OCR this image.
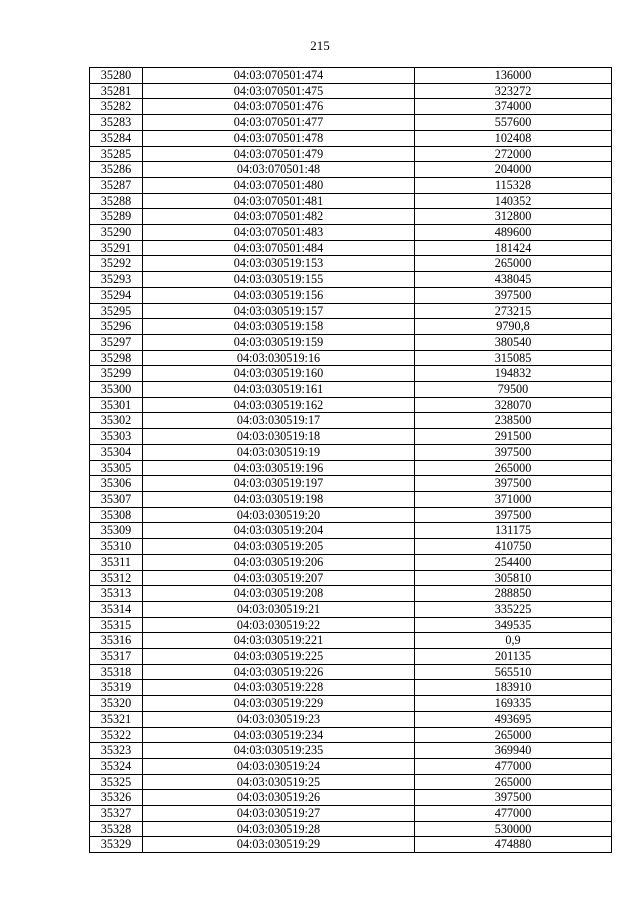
215
35280	04:03:070501:474	136000
35281	04:03:070501:475	323272
35282	04:03:070501:476	374000
35283	04:03:070501:477	557600
35284	04:03:070501:478	102408
35285	04:03:070501:479	272000
35286	04:03:070501:48	204000
35287	04:03:070501:480	115328
35288	04:03:070501:481	140352
35289	04:03:070501:482	312800
35290	04:03:070501:483	489600
35291	04:03:070501:484	181424
35292	04:03:030519:153	265000
35293	04:03:030519:155	438045
35294	04:03:030519:156	397500
35295	04:03:030519:157	273215
35296	04:03:030519:158	9790,8
35297	04:03:030519:159	380540
35298	04:03:030519:16	315085
35299	04:03:030519:160	194832
35300	04:03:030519:161	79500
35301	04:03:030519:162	328070
35302	04:03:030519:17	238500
35303	04:03:030519:18	291500
35304	04:03:030519:19	397500
35305	04:03:030519:196	265000
35306	04:03:030519:197	397500
35307	04:03:030519:198	371000
35308	04:03:030519:20	397500
35309	04:03:030519:204	131175
35310	04:03:030519:205	410750
35311	04:03:030519:206	254400
35312	04:03:030519:207	305810
35313	04:03:030519:208	288850
35314	04:03:030519:21	335225
35315	04:03:030519:22	349535
35316	04:03:030519:221	0,9
35317	04:03:030519:225	201135
35318	04:03:030519:226	565510
35319	04:03:030519:228	183910
35320	04:03:030519:229	169335
35321	04:03:030519:23	493695
35322	04:03:030519:234	265000
35323	04:03:030519:235	369940
35324	04:03:030519:24	477000
35325	04:03:030519:25	265000
35326	04:03:030519:26	397500
35327	04:03:030519:27	477000
35328	04:03:030519:28	530000
35329	04:03:030519:29	474880
